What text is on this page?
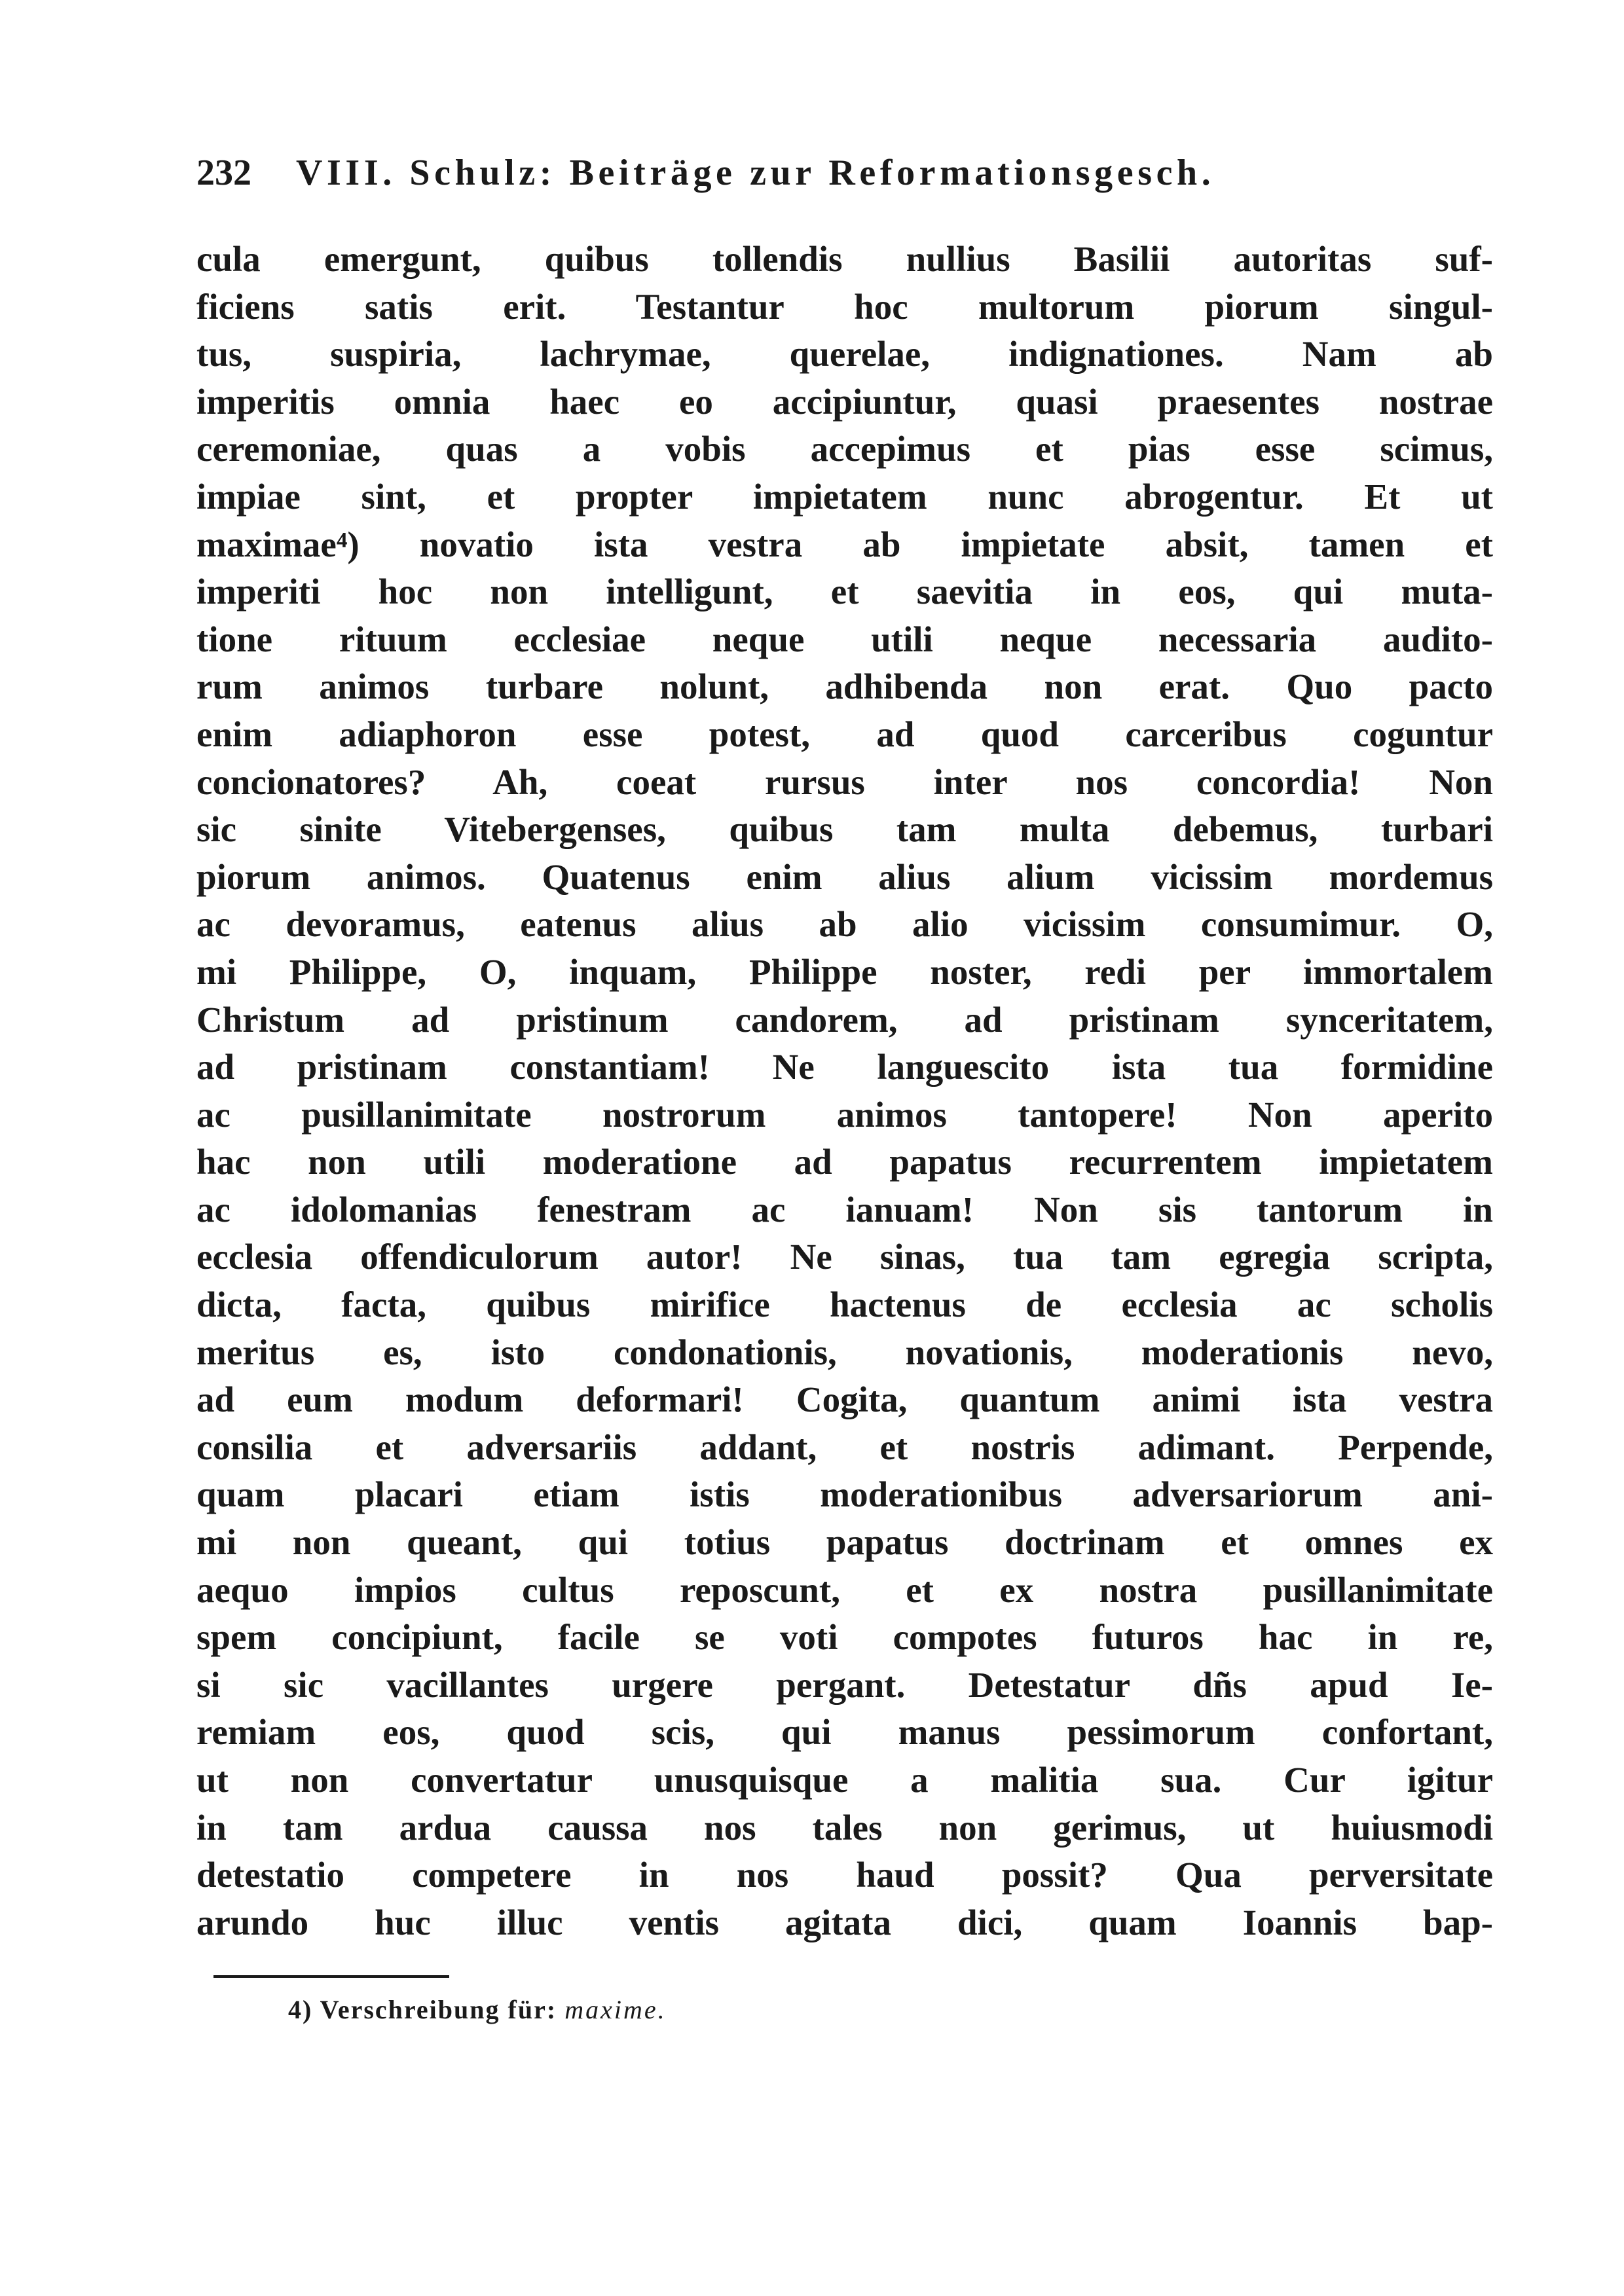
232 VIII. Schulz: Beiträge zur Reformationsgesch.
cula emergunt, quibus tollendis nullius Basilii autoritas suf-
ficiens satis erit. Testantur hoc multorum piorum singul-
tus, suspiria, lachrymae, querelae, indignationes. Nam ab
imperitis omnia haec eo accipiuntur, quasi praesentes nostrae
ceremoniae, quas a vobis accepimus et pias esse scimus,
impiae sint, et propter impietatem nunc abrogentur. Et ut
maximae⁴) novatio ista vestra ab impietate absit, tamen et
imperiti hoc non intelligunt, et saevitia in eos, qui muta-
tione rituum ecclesiae neque utili neque necessaria audito-
rum animos turbare nolunt, adhibenda non erat. Quo pacto
enim adiaphoron esse potest, ad quod carceribus coguntur
concionatores? Ah, coeat rursus inter nos concordia! Non
sic sinite Vitebergenses, quibus tam multa debemus, turbari
piorum animos. Quatenus enim alius alium vicissim mordemus
ac devoramus, eatenus alius ab alio vicissim consumimur. O,
mi Philippe, O, inquam, Philippe noster, redi per immortalem
Christum ad pristinum candorem, ad pristinam synceritatem,
ad pristinam constantiam! Ne languescito ista tua formidine
ac pusillanimitate nostrorum animos tantopere! Non aperito
hac non utili moderatione ad papatus recurrentem impietatem
ac idolomanias fenestram ac ianuam! Non sis tantorum in
ecclesia offendiculorum autor! Ne sinas, tua tam egregia scripta,
dicta, facta, quibus mirifice hactenus de ecclesia ac scholis
meritus es, isto condonationis, novationis, moderationis nevo,
ad eum modum deformari! Cogita, quantum animi ista vestra
consilia et adversariis addant, et nostris adimant. Perpende,
quam placari etiam istis moderationibus adversariorum ani-
mi non queant, qui totius papatus doctrinam et omnes ex
aequo impios cultus reposcunt, et ex nostra pusillanimitate
spem concipiunt, facile se voti compotes futuros hac in re,
si sic vacillantes urgere pergant. Detestatur dñs apud Ie-
remiam eos, quod scis, qui manus pessimorum confortant,
ut non convertatur unusquisque a malitia sua. Cur igitur
in tam ardua caussa nos tales non gerimus, ut huiusmodi
detestatio competere in nos haud possit? Qua perversitate
arundo huc illuc ventis agitata dici, quam Ioannis bap-
4) Verschreibung für: maxime.
